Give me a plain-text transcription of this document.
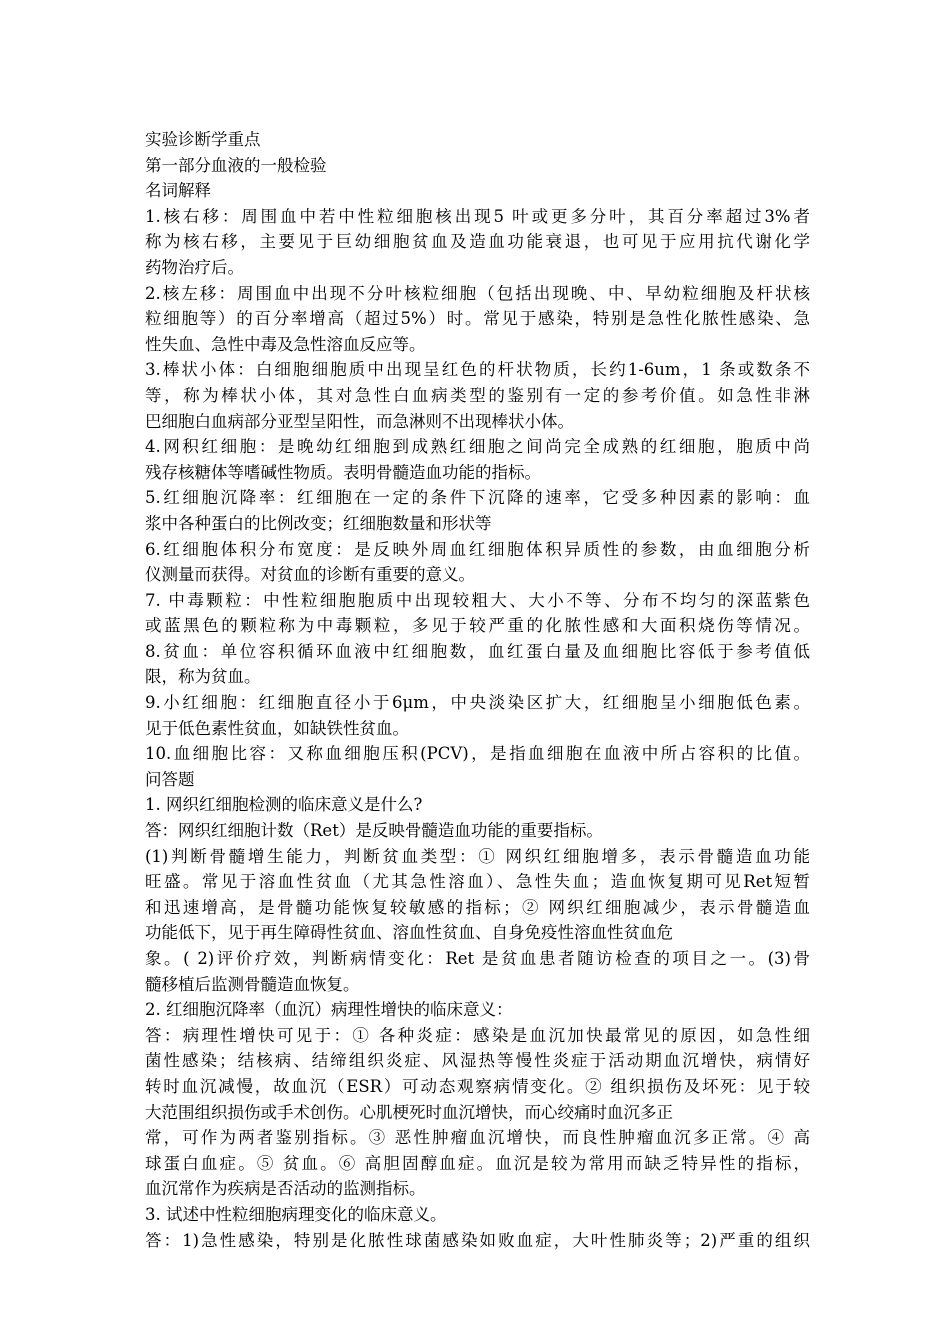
实验诊断学重点
第一部分血液的一般检验
名词解释
1.核右移：周围血中若中性粒细胞核出现5 叶或更多分叶，其百分率超过3%者
称为核右移，主要见于巨幼细胞贫血及造血功能衰退，也可见于应用抗代谢化学
药物治疗后。
2.核左移：周围血中出现不分叶核粒细胞（包括出现晚、中、早幼粒细胞及杆状核
粒细胞等）的百分率增高（超过5%）时。常见于感染，特别是急性化脓性感染、急
性失血、急性中毒及急性溶血反应等。
3.棒状小体：白细胞细胞质中出现呈红色的杆状物质，长约1-6um，1 条或数条不
等，称为棒状小体，其对急性白血病类型的鉴别有一定的参考价值。如急性非淋
巴细胞白血病部分亚型呈阳性，而急淋则不出现棒状小体。
4.网积红细胞：是晚幼红细胞到成熟红细胞之间尚完全成熟的红细胞，胞质中尚
残存核糖体等嗜碱性物质。表明骨髓造血功能的指标。
5.红细胞沉降率：红细胞在一定的条件下沉降的速率，它受多种因素的影响：血
浆中各种蛋白的比例改变；红细胞数量和形状等
6.红细胞体积分布宽度：是反映外周血红细胞体积异质性的参数，由血细胞分析
仪测量而获得。对贫血的诊断有重要的意义。
7. 中毒颗粒：中性粒细胞胞质中出现较粗大、大小不等、分布不均匀的深蓝紫色
或蓝黑色的颗粒称为中毒颗粒，多见于较严重的化脓性感和大面积烧伤等情况。
8.贫血：单位容积循环血液中红细胞数，血红蛋白量及血细胞比容低于参考值低
限，称为贫血。
9.小红细胞：红细胞直径小于6μm，中央淡染区扩大，红细胞呈小细胞低色素。
见于低色素性贫血，如缺铁性贫血。
10.血细胞比容：又称血细胞压积(PCV)，是指血细胞在血液中所占容积的比值。
问答题
1. 网织红细胞检测的临床意义是什么?
答：网织红细胞计数（Ret）是反映骨髓造血功能的重要指标。
(1)判断骨髓增生能力，判断贫血类型：① 网织红细胞增多，表示骨髓造血功能
旺盛。常见于溶血性贫血（尤其急性溶血）、急性失血；造血恢复期可见Ret短暂
和迅速增高，是骨髓功能恢复较敏感的指标；② 网织红细胞减少，表示骨髓造血
功能低下，见于再生障碍性贫血、溶血性贫血、自身免疫性溶血性贫血危
象。( 2)评价疗效，判断病情变化：Ret 是贫血患者随访检查的项目之一。(3)骨
髓移植后监测骨髓造血恢复。
2. 红细胞沉降率（血沉）病理性增快的临床意义：
答：病理性增快可见于：① 各种炎症：感染是血沉加快最常见的原因，如急性细
菌性感染；结核病、结缔组织炎症、风湿热等慢性炎症于活动期血沉增快，病情好
转时血沉减慢，故血沉（ESR）可动态观察病情变化。② 组织损伤及坏死：见于较
大范围组织损伤或手术创伤。心肌梗死时血沉增快，而心绞痛时血沉多正
常，可作为两者鉴别指标。③ 恶性肿瘤血沉增快，而良性肿瘤血沉多正常。④ 高
球蛋白血症。⑤ 贫血。⑥ 高胆固醇血症。血沉是较为常用而缺乏特异性的指标，
血沉常作为疾病是否活动的监测指标。
3. 试述中性粒细胞病理变化的临床意义。
答：1)急性感染，特别是化脓性球菌感染如败血症，大叶性肺炎等；2)严重的组织
